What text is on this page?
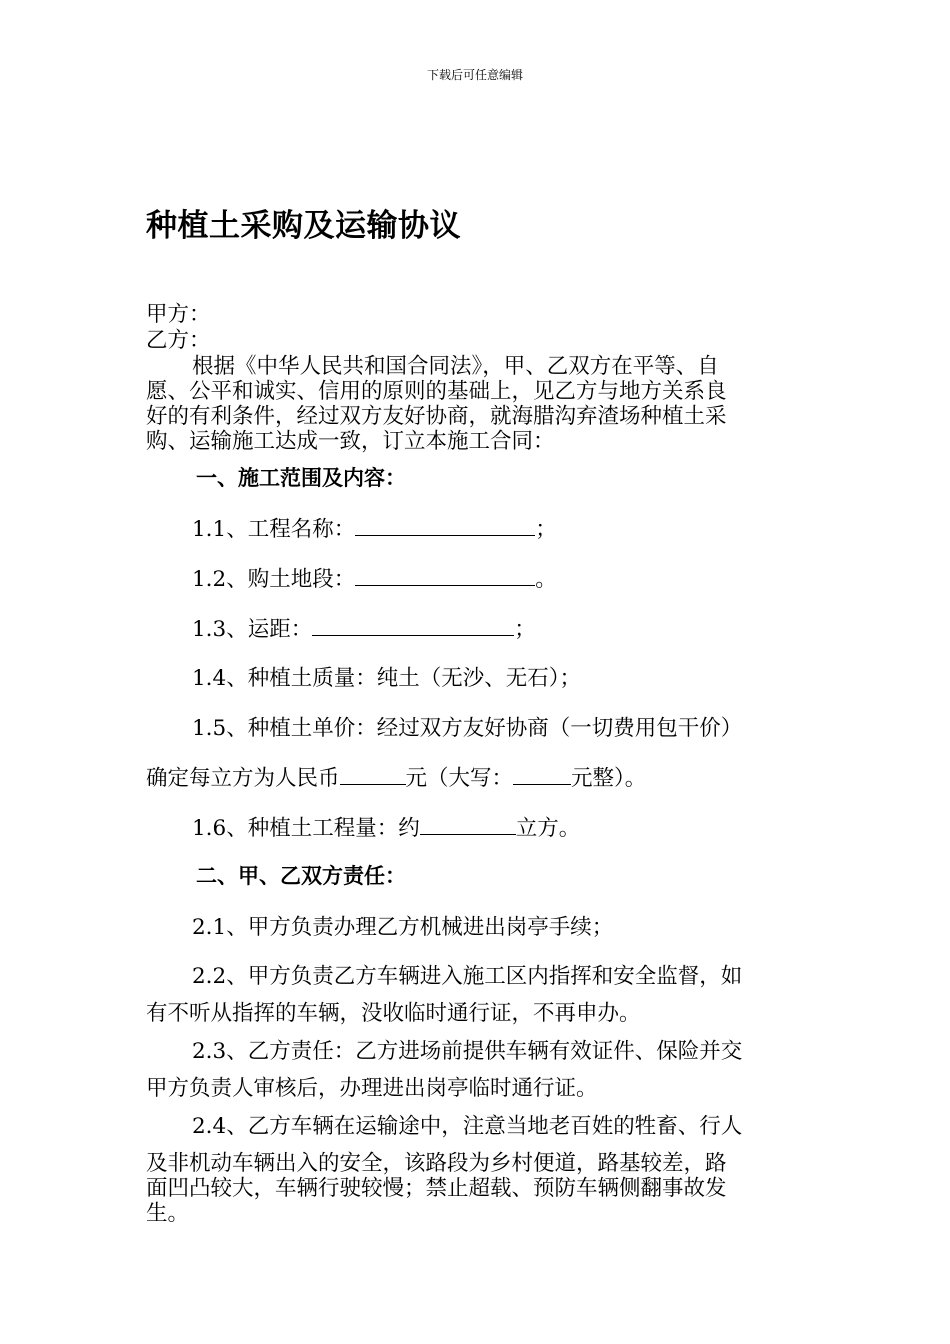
下载后可任意编辑
种植土采购及运输协议
甲方：
乙方：
根据《中华人民共和国合同法》，甲、乙双方在平等、自
愿、公平和诚实、信用的原则的基础上，见乙方与地方关系良
好的有利条件，经过双方友好协商，就海腊沟弃渣场种植土采
购、运输施工达成一致，订立本施工合同：
一、施工范围及内容：
1.1、工程名称：	；
1.2、购土地段：	。
1.3、运距：	；
1.4、种植土质量：纯土（无沙、无石）；
1.5、种植土单价：经过双方友好协商（一切费用包干价）
确定每立方为人民币	元（大写：	元整）。
1.6、种植土工程量：约	立方。
二、甲、乙双方责任：
2.1、甲方负责办理乙方机械进出岗亭手续；
2.2、甲方负责乙方车辆进入施工区内指挥和安全监督，如
有不听从指挥的车辆，没收临时通行证，不再申办。
2.3、乙方责任：乙方进场前提供车辆有效证件、保险并交
甲方负责人审核后，办理进出岗亭临时通行证。
2.4、乙方车辆在运输途中，注意当地老百姓的牲畜、行人
及非机动车辆出入的安全，该路段为乡村便道，路基较差，路
面凹凸较大，车辆行驶较慢；禁止超载、预防车辆侧翻事故发
生。
